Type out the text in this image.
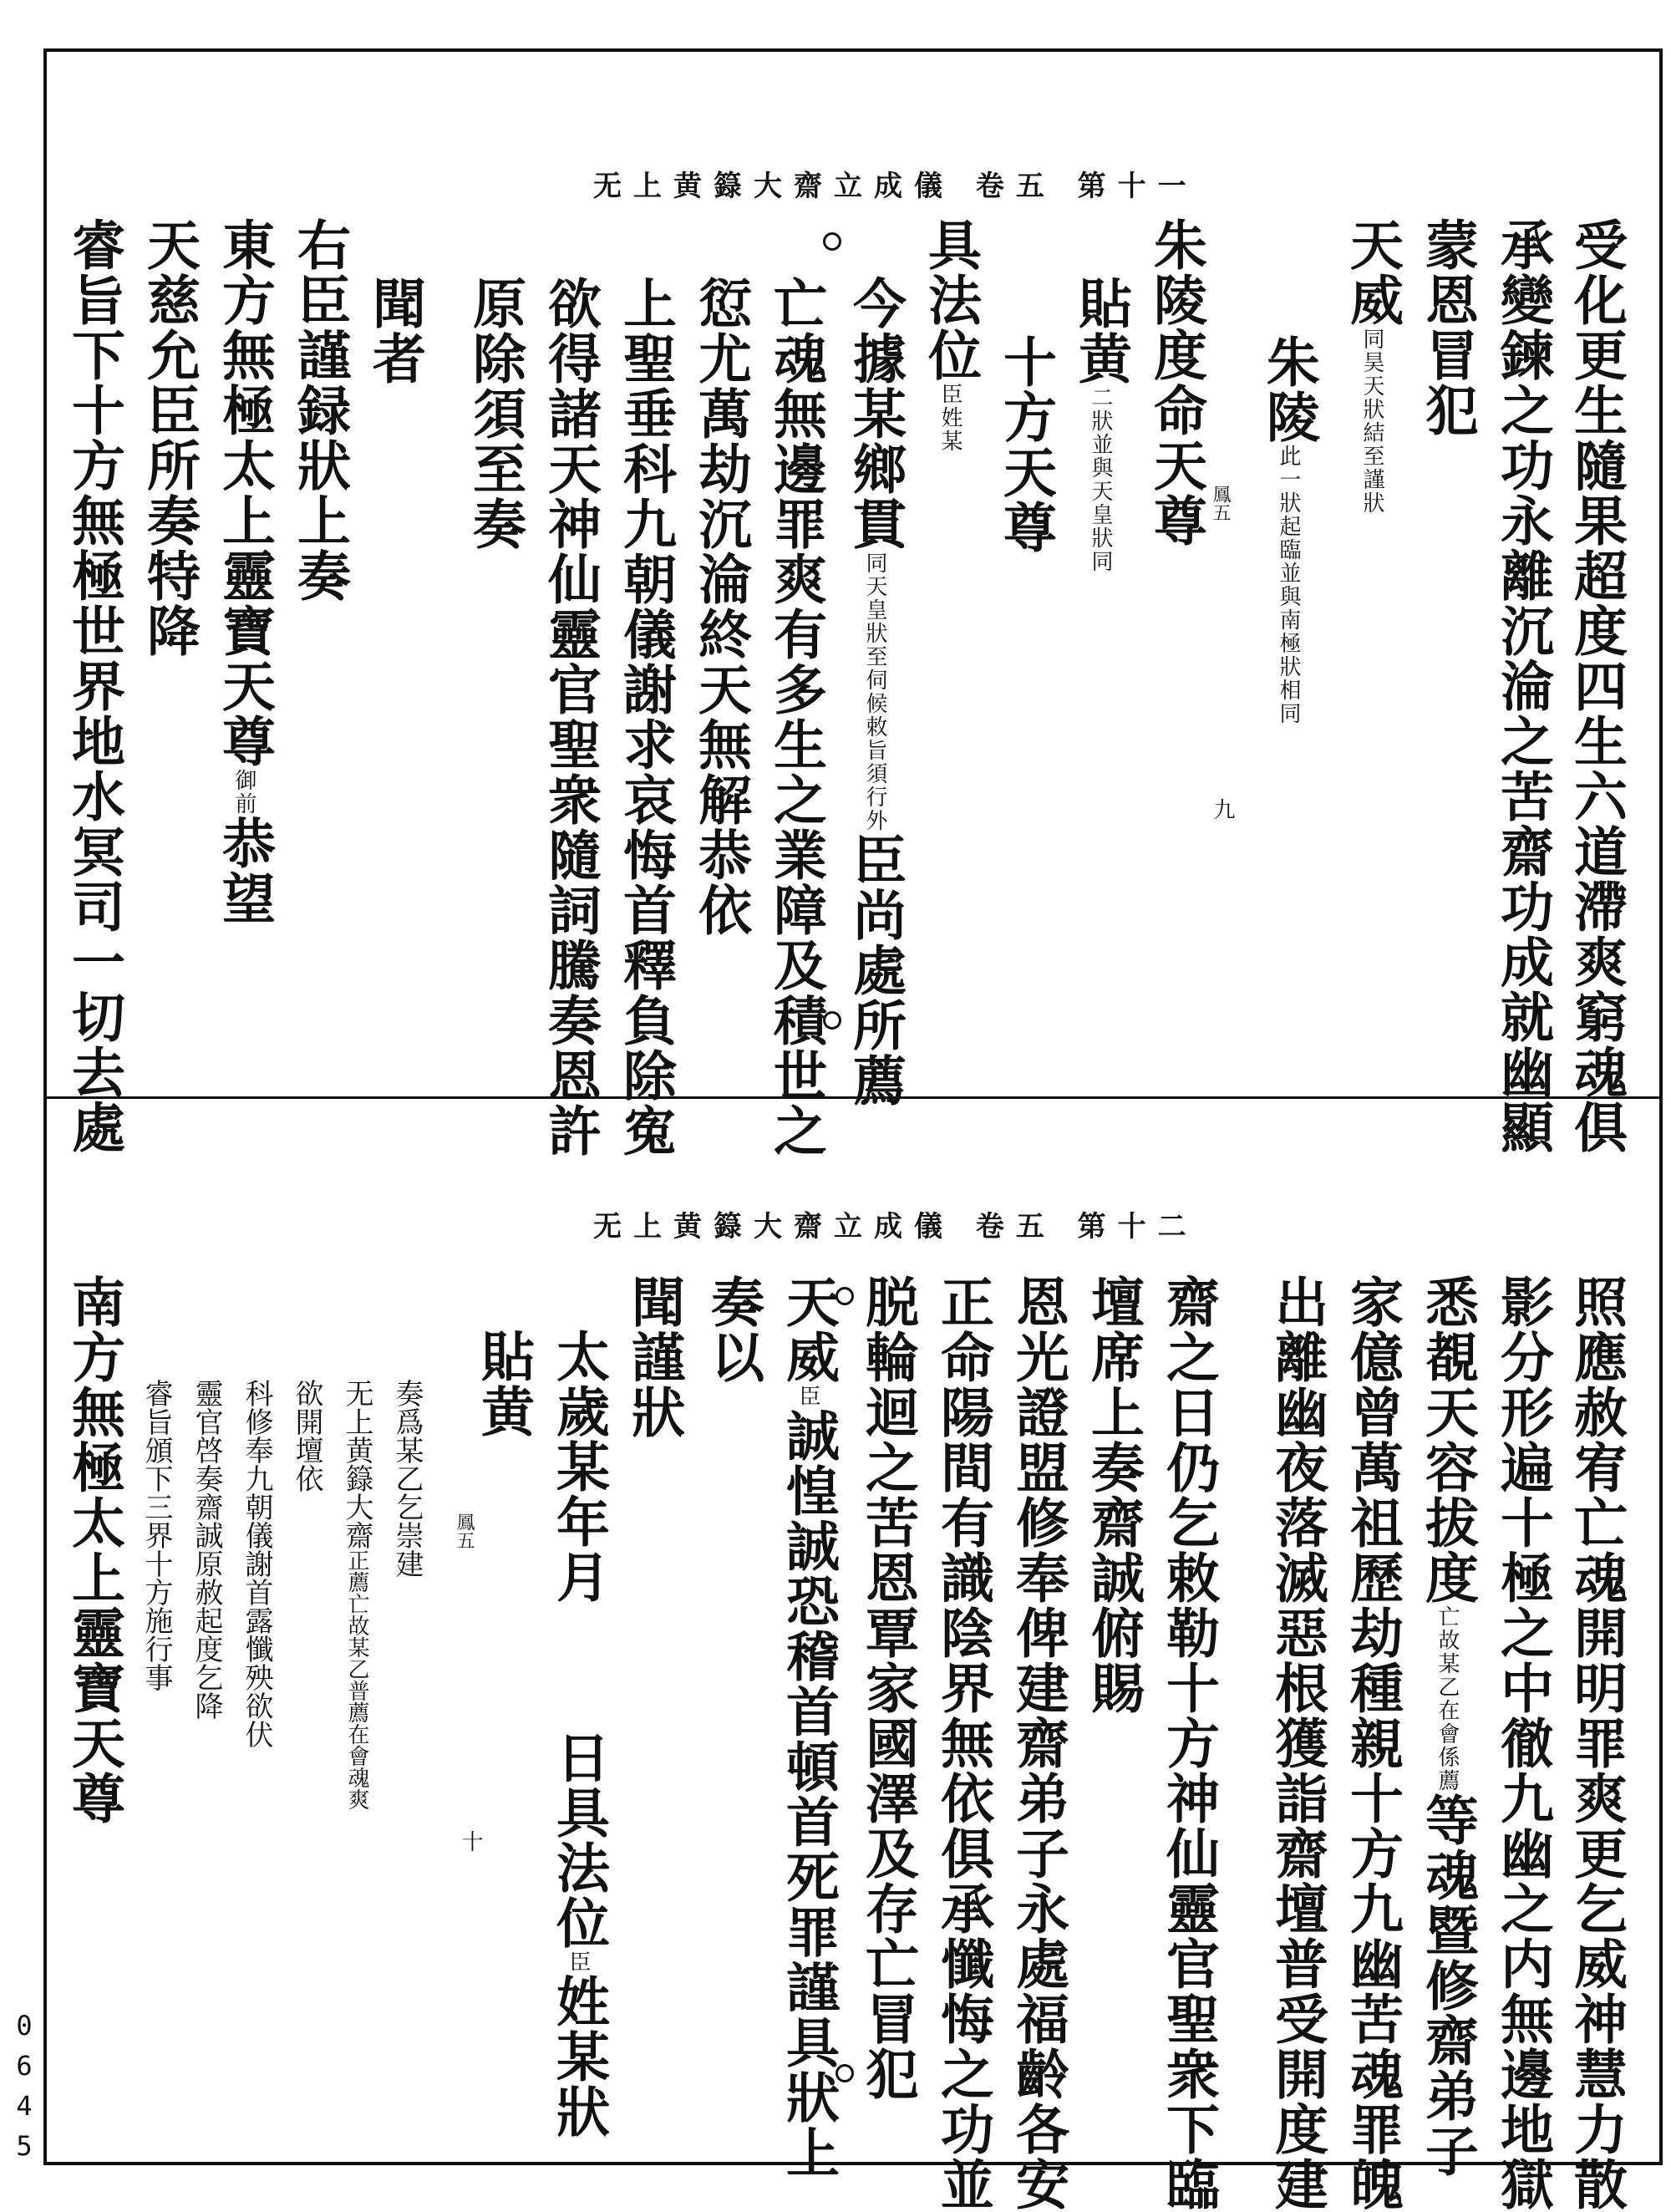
无上黄籙大齋立成儀 卷五 第十一
受化更生隨果超度四生六道滯爽窮魂俱
承變鍊之功永離沉淪之苦齋功成就幽顯
蒙恩冒犯
天威同昊天狀結至謹狀
朱陵此一狀起臨並與南極狀相同
朱陵度命天尊 鳳五
貼黄二狀並與天皇狀同
十方天尊
具法位臣姓某
今據某鄉貫同天皇狀至伺候敕旨須行外臣尚處所薦
亡魂無邊罪爽有多生之業障及積世之
愆尤萬劫沉淪終天無解恭依
上聖垂科九朝儀謝求哀悔首釋負除寃
欲得諸天神仙靈官聖衆隨詞騰奏恩許
原除須至奏
聞者
右臣謹録狀上奏
東方無極太上靈寶天尊御前恭望
天慈允臣所奏特降
睿旨下十方無極世界地水冥司一切去處	九
无上黄籙大齋立成儀 卷五 第十二
照應赦宥亡魂開明罪爽更乞威神慧力散
影分形遍十極之中徹九幽之内無邊地獄
悉覩天容拔度亡故某乙在會係薦等魂暨修齋弟子
家億曾萬祖歷劫種親十方九幽苦魂罪魄
出離幽夜落滅惡根獲詣齋壇普受開度建
齋之日仍乞敕勒十方神仙靈官聖衆下臨
壇席上奏齋誠俯賜
恩光證盟修奉俾建齋弟子永處福齡各安
正命陽間有識陰界無依俱承懺悔之功並
脱輪迴之苦恩覃家國澤及存亡冒犯
天威臣誠惶誠恐稽首頓首死罪謹具狀上
奏以
聞謹狀
太歲某年月日具法位臣姓某狀
貼黄
鳳五
奏爲某乙乞崇建
无上黄籙大齋正薦亡故某乙普薦在會魂爽
欲開壇依
科修奉九朝儀謝首露懺殃欲伏
靈官啓奏齋誠原赦起度乞降
睿旨頒下三界十方施行事
南方無極太上靈寶天尊
十
0645
